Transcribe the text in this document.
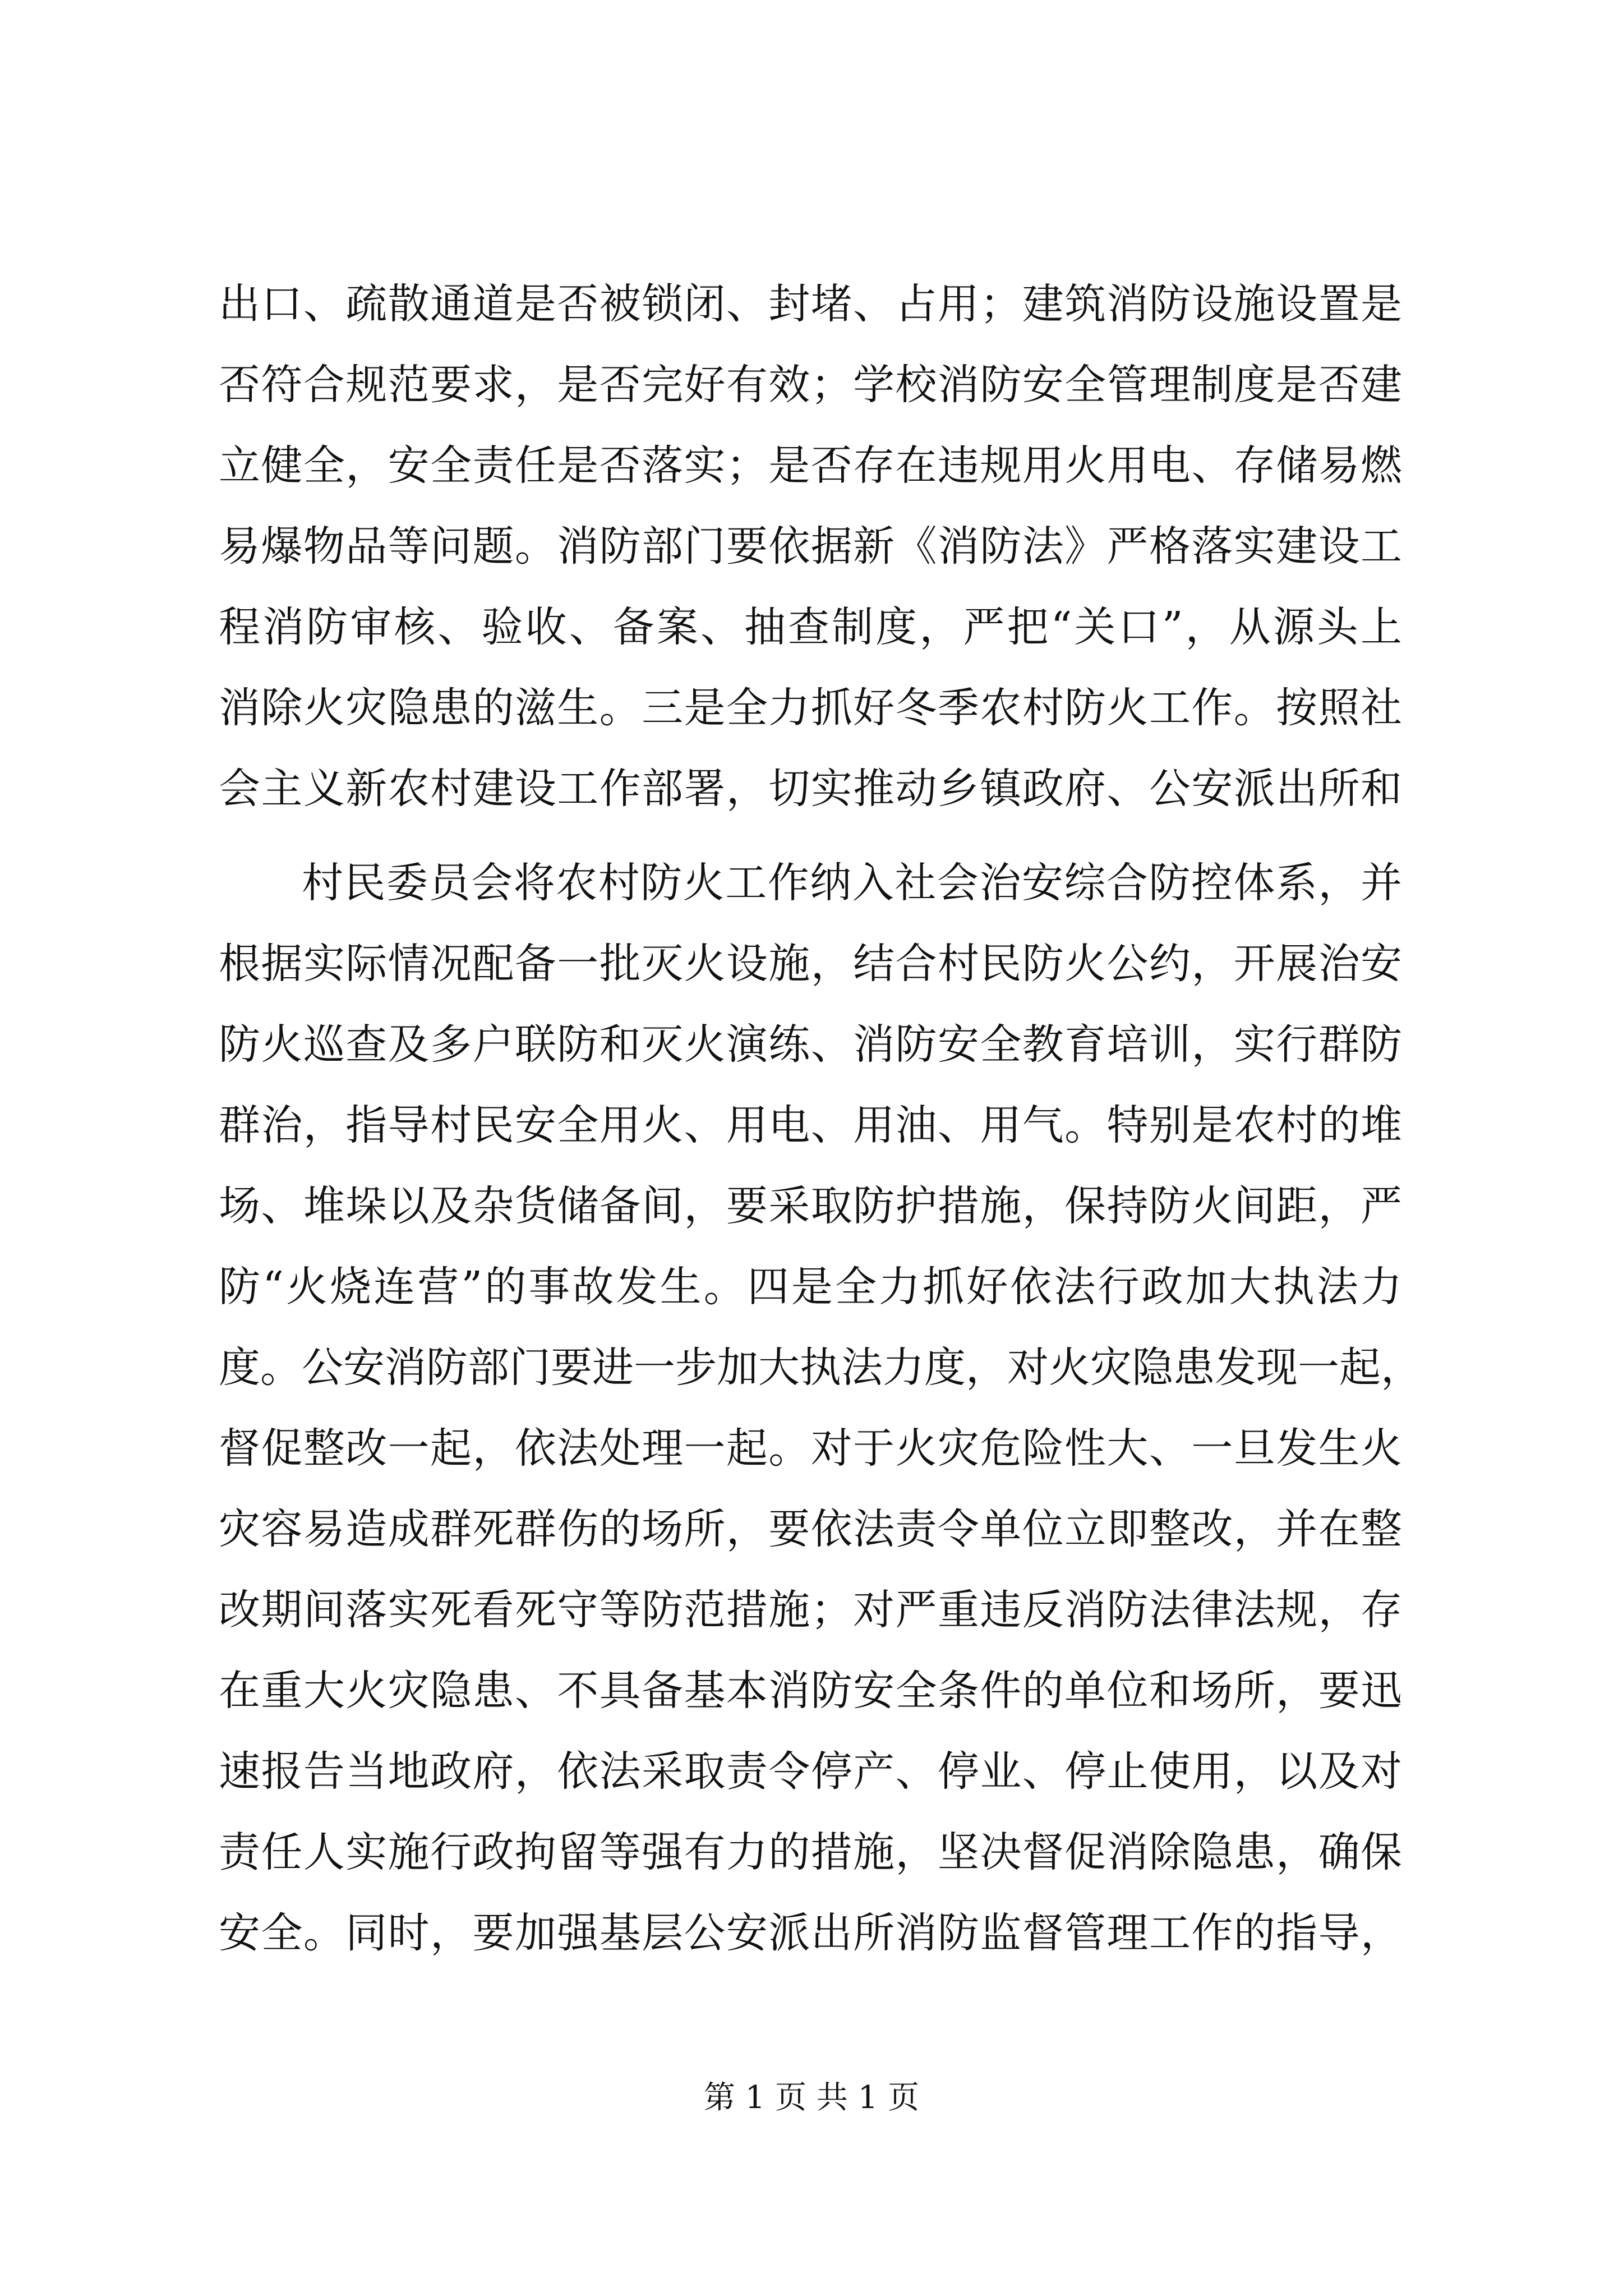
出口、疏散通道是否被锁闭、封堵、占用；建筑消防设施设置是
否符合规范要求，是否完好有效；学校消防安全管理制度是否建
立健全，安全责任是否落实；是否存在违规用火用电、存储易燃
易爆物品等问题。消防部门要依据新《消防法》严格落实建设工
程消防审核、验收、备案、抽查制度，严把“关口”，从源头上
消除火灾隐患的滋生。三是全力抓好冬季农村防火工作。按照社
会主义新农村建设工作部署，切实推动乡镇政府、公安派出所和
村民委员会将农村防火工作纳入社会治安综合防控体系，并
根据实际情况配备一批灭火设施，结合村民防火公约，开展治安
防火巡查及多户联防和灭火演练、消防安全教育培训，实行群防
群治，指导村民安全用火、用电、用油、用气。特别是农村的堆
场、堆垛以及杂货储备间，要采取防护措施，保持防火间距，严
防“火烧连营”的事故发生。四是全力抓好依法行政加大执法力
度。公安消防部门要进一步加大执法力度，对火灾隐患发现一起，
督促整改一起，依法处理一起。对于火灾危险性大、一旦发生火
灾容易造成群死群伤的场所，要依法责令单位立即整改，并在整
改期间落实死看死守等防范措施；对严重违反消防法律法规，存
在重大火灾隐患、不具备基本消防安全条件的单位和场所，要迅
速报告当地政府，依法采取责令停产、停业、停止使用，以及对
责任人实施行政拘留等强有力的措施，坚决督促消除隐患，确保
安全。同时，要加强基层公安派出所消防监督管理工作的指导，
第 1 页 共 1 页
